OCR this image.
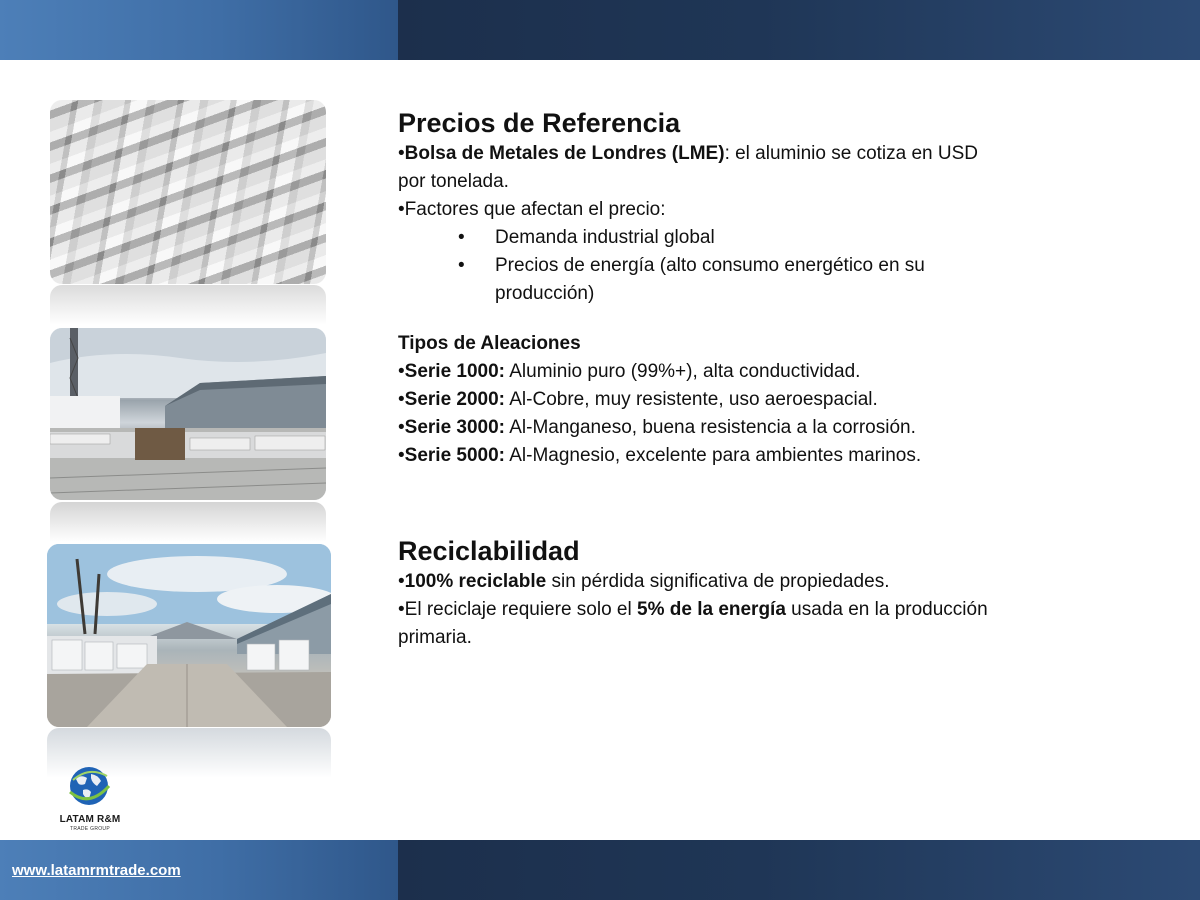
LATAM R&M
TRADE GROUP
Precios de Referencia
•Bolsa de Metales de Londres (LME): el aluminio se cotiza en USD por tonelada.
•Factores que afectan el precio:
• Demanda industrial global
• Precios de energía (alto consumo energético en su producción)
Tipos de Aleaciones
•Serie 1000: Aluminio puro (99%+), alta conductividad.
•Serie 2000: Al-Cobre, muy resistente, uso aeroespacial.
•Serie 3000: Al-Manganeso, buena resistencia a la corrosión.
•Serie 5000: Al-Magnesio, excelente para ambientes marinos.
Reciclabilidad
•100% reciclable sin pérdida significativa de propiedades.
•El reciclaje requiere solo el 5% de la energía usada en la producción primaria.
www.latamrmtrade.com
